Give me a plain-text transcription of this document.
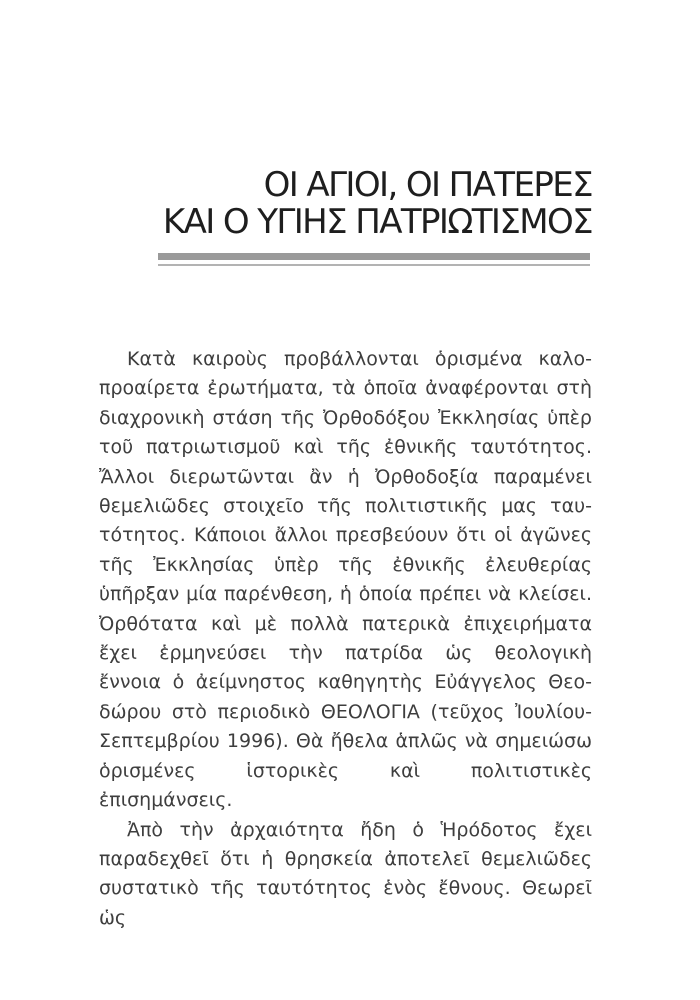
ΟΙ ΑΓΙΟΙ, ΟΙ ΠΑΤΕΡΕΣ
ΚΑΙ Ο ΥΓΙΗΣ ΠΑΤΡΙΩΤΙΣΜΟΣ
Κατὰ καιροὺς προβάλλονται ὁρισμένα καλο-
προαίρετα ἐρωτήματα, τὰ ὁποῖα ἀναφέρονται στὴ
διαχρονικὴ στάση τῆς Ὀρθοδόξου Ἐκκλησίας ὑπὲρ
τοῦ πατριωτισμοῦ καὶ τῆς ἐθνικῆς ταυτότητος.
Ἄλλοι διερωτῶνται ἂν ἡ Ὀρθοδοξία παραμένει
θεμελιῶδες στοιχεῖο τῆς πολιτιστικῆς μας ταυ-
τότητος. Κάποιοι ἄλλοι πρεσβεύουν ὅτι οἱ ἀγῶνες
τῆς Ἐκκλησίας ὑπὲρ τῆς ἐθνικῆς ἐλευθερίας
ὑπῆρξαν μία παρένθεση, ἡ ὁποία πρέπει νὰ κλείσει.
Ὀρθότατα καὶ μὲ πολλὰ πατερικὰ ἐπιχειρήματα
ἔχει ἑρμηνεύσει τὴν πατρίδα ὡς θεολογικὴ
ἔννοια ὁ ἀείμνηστος καθηγητὴς Εὐάγγελος Θεο-
δώρου στὸ περιοδικὸ ΘΕΟΛΟΓΙΑ (τεῦχος Ἰουλίου-
Σεπτεμβρίου 1996). Θὰ ἤθελα ἁπλῶς νὰ σημειώσω
ὁρισμένες ἱστορικὲς καὶ πολιτιστικὲς ἐπισημάνσεις.
Ἀπὸ τὴν ἀρχαιότητα ἤδη ὁ Ἡρόδοτος ἔχει
παραδεχθεῖ ὅτι ἡ θρησκεία ἀποτελεῖ θεμελιῶδες
συστατικὸ τῆς ταυτότητος ἑνὸς ἔθνους. Θεωρεῖ ὡς
